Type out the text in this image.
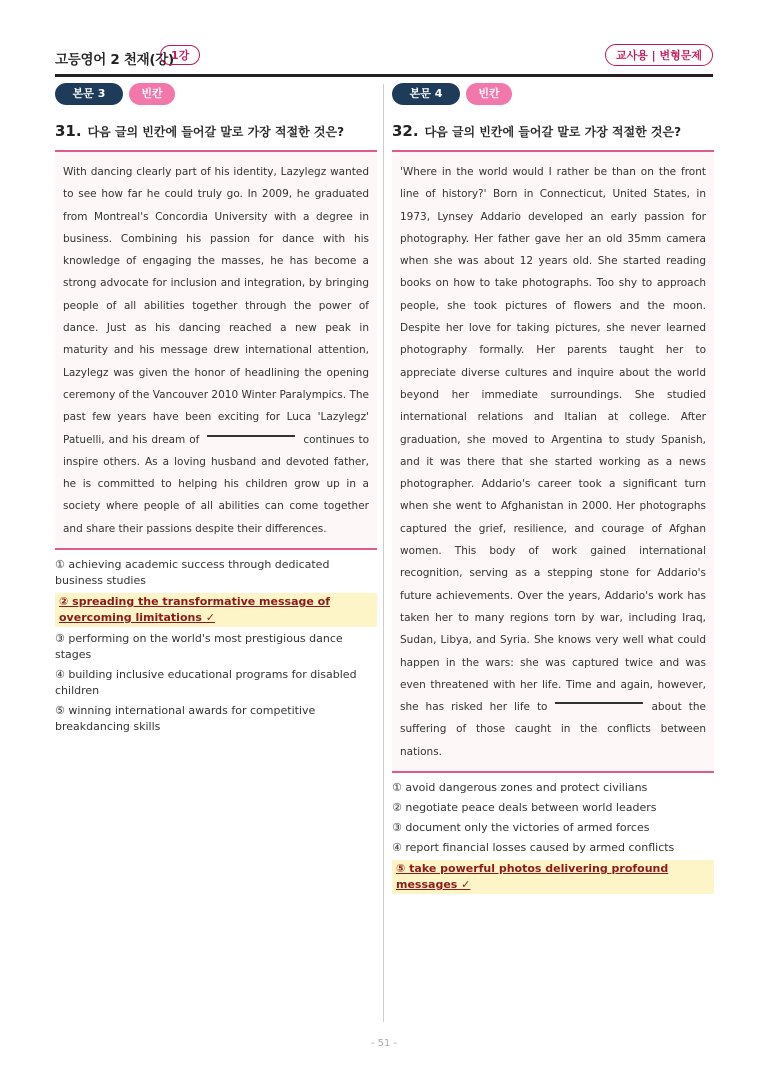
고등영어 2 천재(강)
1강	교사용 | 변형문제
본문 3	빈칸
31. 다음 글의 빈칸에 들어갈 말로 가장 적절한 것은?
With dancing clearly part of his identity, Lazylegz wanted to see how far he could truly go. In 2009, he graduated from Montreal's Concordia University with a degree in business. Combining his passion for dance with his knowledge of engaging the masses, he has become a strong advocate for inclusion and integration, by bringing people of all abilities together through the power of dance. Just as his dancing reached a new peak in maturity and his message drew international attention, Lazylegz was given the honor of headlining the opening ceremony of the Vancouver 2010 Winter Paralympics. The past few years have been exciting for Luca 'Lazylegz' Patuelli, and his dream of	continues to inspire others. As a loving husband and devoted father, he is committed to helping his children grow up in a society where people of all abilities can come together and share their passions despite their differences.
① achieving academic success through dedicated business studies
② spreading the transformative message of overcoming limitations ✓
③ performing on the world's most prestigious dance stages
④ building inclusive educational programs for disabled children
⑤ winning international awards for competitive breakdancing skills
본문 4	빈칸
32. 다음 글의 빈칸에 들어갈 말로 가장 적절한 것은?
'Where in the world would I rather be than on the front line of history?' Born in Connecticut, United States, in 1973, Lynsey Addario developed an early passion for photography. Her father gave her an old 35mm camera when she was about 12 years old. She started reading books on how to take photographs. Too shy to approach people, she took pictures of flowers and the moon. Despite her love for taking pictures, she never learned photography formally. Her parents taught her to appreciate diverse cultures and inquire about the world beyond her immediate surroundings. She studied international relations and Italian at college. After graduation, she moved to Argentina to study Spanish, and it was there that she started working as a news photographer. Addario's career took a significant turn when she went to Afghanistan in 2000. Her photographs captured the grief, resilience, and courage of Afghan women. This body of work gained international recognition, serving as a stepping stone for Addario's future achievements. Over the years, Addario's work has taken her to many regions torn by war, including Iraq, Sudan, Libya, and Syria. She knows very well what could happen in the wars: she was captured twice and was even threatened with her life. Time and again, however, she has risked her life to	about the suffering of those caught in the conflicts between nations.
① avoid dangerous zones and protect civilians
② negotiate peace deals between world leaders
③ document only the victories of armed forces
④ report financial losses caused by armed conflicts
⑤ take powerful photos delivering profound messages ✓
- 51 -
